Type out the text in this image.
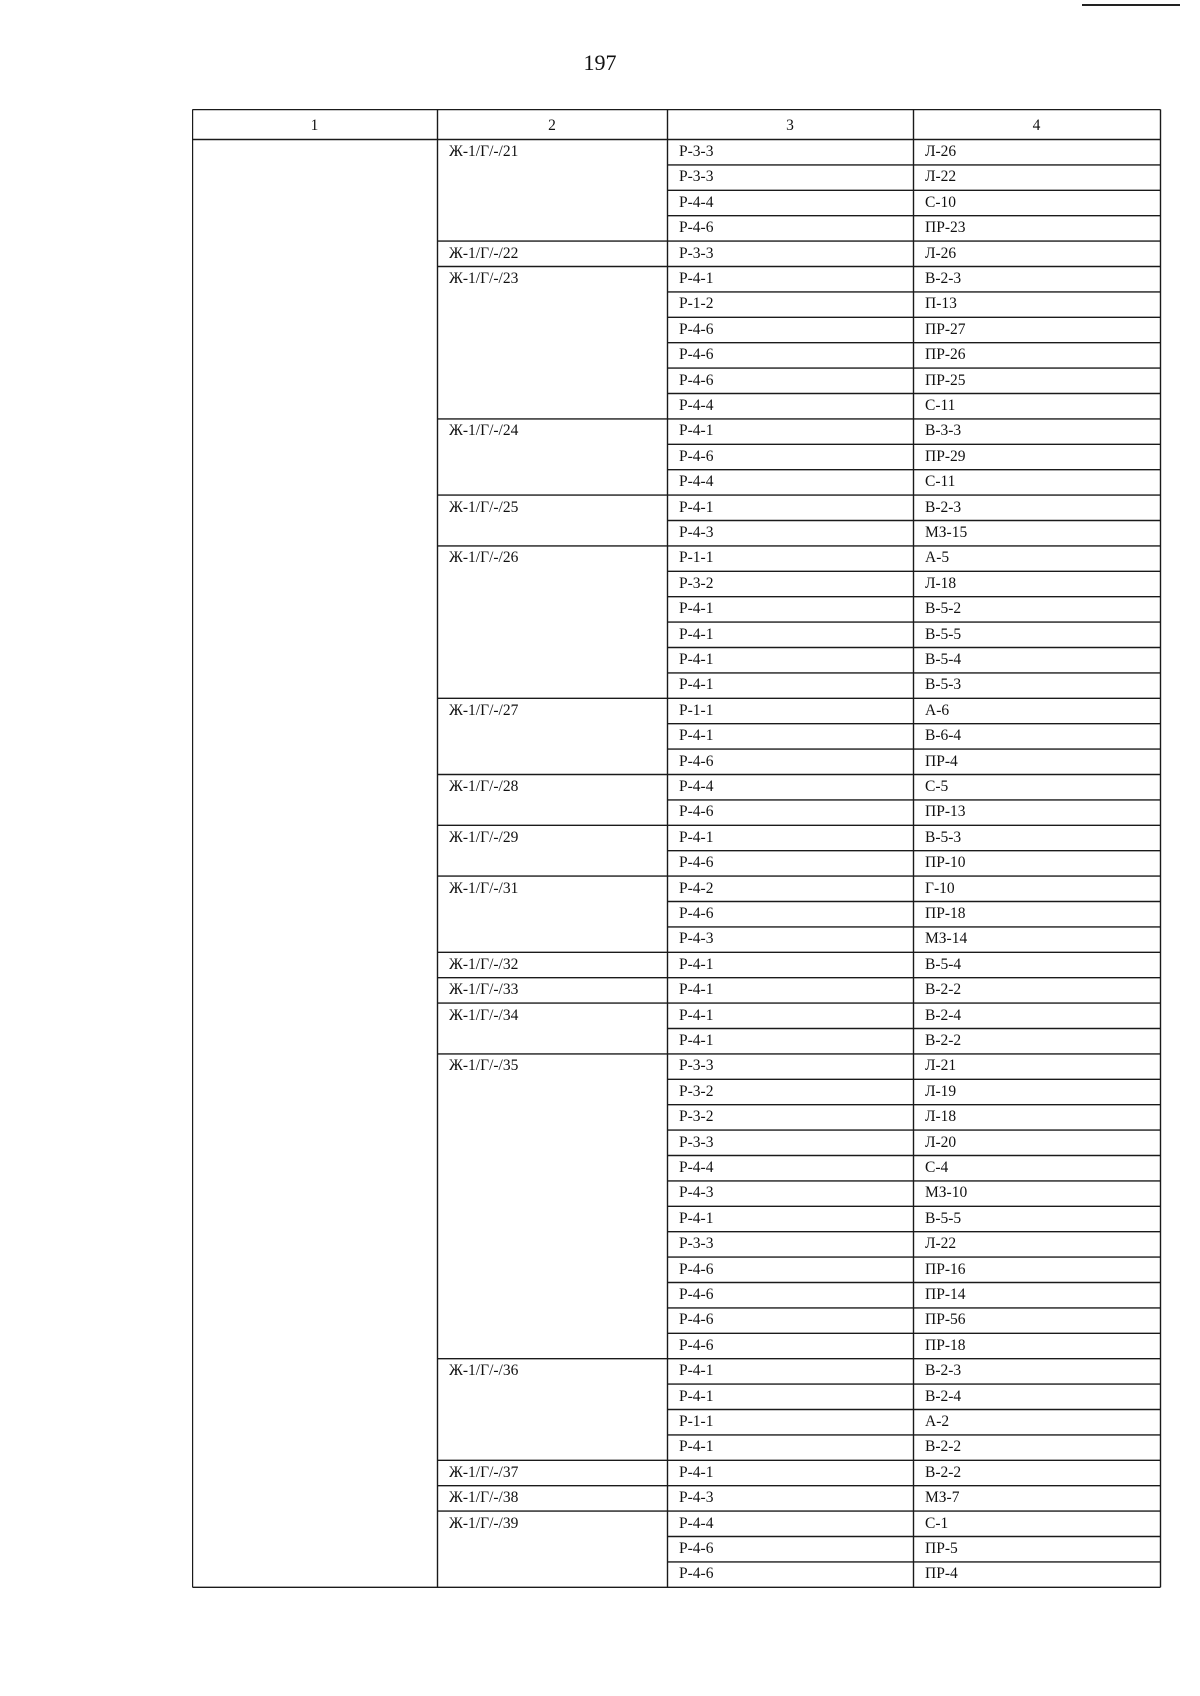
197
1	2	3	4
Ж-1/Г/-/21	Р-3-3	Л-26
Р-3-3	Л-22
Р-4-4	С-10
Р-4-6	ПР-23
Ж-1/Г/-/22	Р-3-3	Л-26
Ж-1/Г/-/23	Р-4-1	В-2-3
Р-1-2	П-13
Р-4-6	ПР-27
Р-4-6	ПР-26
Р-4-6	ПР-25
Р-4-4	С-11
Ж-1/Г/-/24	Р-4-1	В-3-3
Р-4-6	ПР-29
Р-4-4	С-11
Ж-1/Г/-/25	Р-4-1	В-2-3
Р-4-3	МЗ-15
Ж-1/Г/-/26	Р-1-1	А-5
Р-3-2	Л-18
Р-4-1	В-5-2
Р-4-1	В-5-5
Р-4-1	В-5-4
Р-4-1	В-5-3
Ж-1/Г/-/27	Р-1-1	А-6
Р-4-1	В-6-4
Р-4-6	ПР-4
Ж-1/Г/-/28	Р-4-4	С-5
Р-4-6	ПР-13
Ж-1/Г/-/29	Р-4-1	В-5-3
Р-4-6	ПР-10
Ж-1/Г/-/31	Р-4-2	Г-10
Р-4-6	ПР-18
Р-4-3	МЗ-14
Ж-1/Г/-/32	Р-4-1	В-5-4
Ж-1/Г/-/33	Р-4-1	В-2-2
Ж-1/Г/-/34	Р-4-1	В-2-4
Р-4-1	В-2-2
Ж-1/Г/-/35	Р-3-3	Л-21
Р-3-2	Л-19
Р-3-2	Л-18
Р-3-3	Л-20
Р-4-4	С-4
Р-4-3	МЗ-10
Р-4-1	В-5-5
Р-3-3	Л-22
Р-4-6	ПР-16
Р-4-6	ПР-14
Р-4-6	ПР-56
Р-4-6	ПР-18
Ж-1/Г/-/36	Р-4-1	В-2-3
Р-4-1	В-2-4
Р-1-1	А-2
Р-4-1	В-2-2
Ж-1/Г/-/37	Р-4-1	В-2-2
Ж-1/Г/-/38	Р-4-3	МЗ-7
Ж-1/Г/-/39	Р-4-4	С-1
Р-4-6	ПР-5
Р-4-6	ПР-4
